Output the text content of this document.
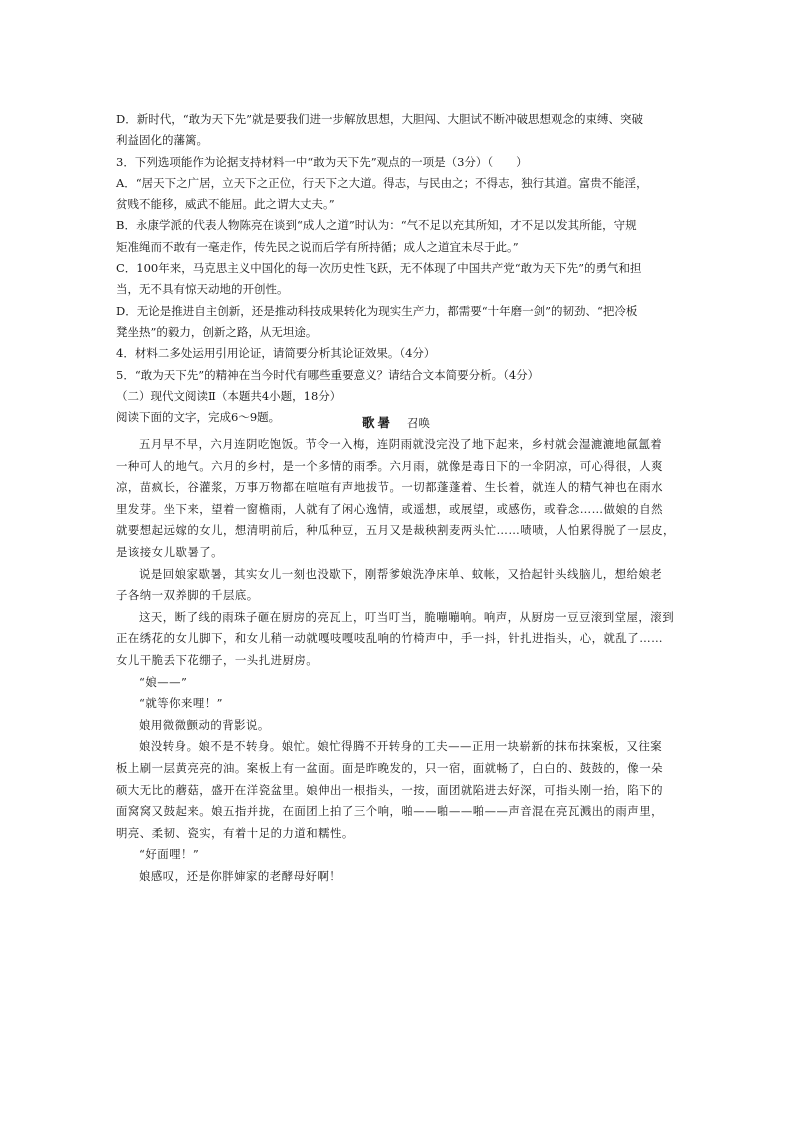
D．新时代，“敢为天下先”就是要我们进一步解放思想，大胆闯、大胆试不断冲破思想观念的束缚、突破
利益固化的藩篱。
3．下列选项能作为论据支持材料一中“敢为天下先”观点的一项是（3分）（　　）
A．“居天下之广居，立天下之正位，行天下之大道。得志，与民由之；不得志，独行其道。富贵不能淫，
贫贱不能移，威武不能屈。此之谓大丈夫。”
B．永康学派的代表人物陈亮在谈到“成人之道”时认为：“气不足以充其所知，才不足以发其所能，守规
矩准绳而不敢有一毫走作，传先民之说而后学有所持循；成人之道宜未尽于此。”
C．100年来，马克思主义中国化的每一次历史性飞跃，无不体现了中国共产党“敢为天下先”的勇气和担
当，无不具有惊天动地的开创性。
D．无论是推进自主创新，还是推动科技成果转化为现实生产力，都需要“十年磨一剑”的韧劲、“把冷板
凳坐热”的毅力，创新之路，从无坦途。
4．材料二多处运用引用论证，请简要分析其论证效果。（4分）
5．“敢为天下先”的精神在当今时代有哪些重要意义？请结合文本简要分析。（4分）
（二）现代文阅读Ⅱ（本题共4小题，18分）
阅读下面的文字，完成6～9题。	歌暑 召唤
五月早不早，六月连阴吃饱饭。节令一入梅，连阴雨就没完没了地下起来，乡村就会湿漉漉地氤氲着
一种可人的地气。六月的乡村，是一个多情的雨季。六月雨，就像是毒日下的一伞阴凉，可心得很，人爽
凉，苗疯长，谷灌浆，万事万物都在喧喧有声地拔节。一切都蓬蓬着、生长着，就连人的精气神也在雨水
里发芽。坐下来，望着一窗檐雨，人就有了闲心逸情，或遥想，或展望，或感伤，或眷念……做娘的自然
就要想起远嫁的女儿，想清明前后，种瓜种豆，五月又是裁秧割麦两头忙……啧啧，人怕累得脱了一层皮，
是该接女儿歇暑了。
说是回娘家歇暑，其实女儿一刻也没歇下，刚帮爹娘洗净床单、蚊帐，又拾起针头线脑儿，想给娘老
子各纳一双养脚的千层底。
这天，断了线的雨珠子砸在厨房的亮瓦上，叮当叮当，脆嘣嘣响。响声，从厨房一豆豆滚到堂屋，滚到
正在绣花的女儿脚下，和女儿稍一动就嘎吱嘎吱乱响的竹椅声中，手一抖，针扎进指头，心，就乱了……
女儿干脆丢下花绷子，一头扎进厨房。
“娘——”
“就等你来哩！”
娘用微微颤动的背影说。
娘没转身。娘不是不转身。娘忙。娘忙得腾不开转身的工夫——正用一块崭新的抹布抹案板，又往案
板上刷一层黄亮亮的油。案板上有一盆面。面是昨晚发的，只一宿，面就畅了，白白的、鼓鼓的，像一朵
硕大无比的蘑菇，盛开在洋瓷盆里。娘伸出一根指头，一按，面团就陷进去好深，可指头刚一抬，陷下的
面窝窝又鼓起来。娘五指并拢，在面团上拍了三个响，啪——啪——啪——声音混在亮瓦溅出的雨声里，
明亮、柔韧、瓷实，有着十足的力道和糯性。
“好面哩！”
娘感叹，还是你胖婶家的老酵母好啊！
